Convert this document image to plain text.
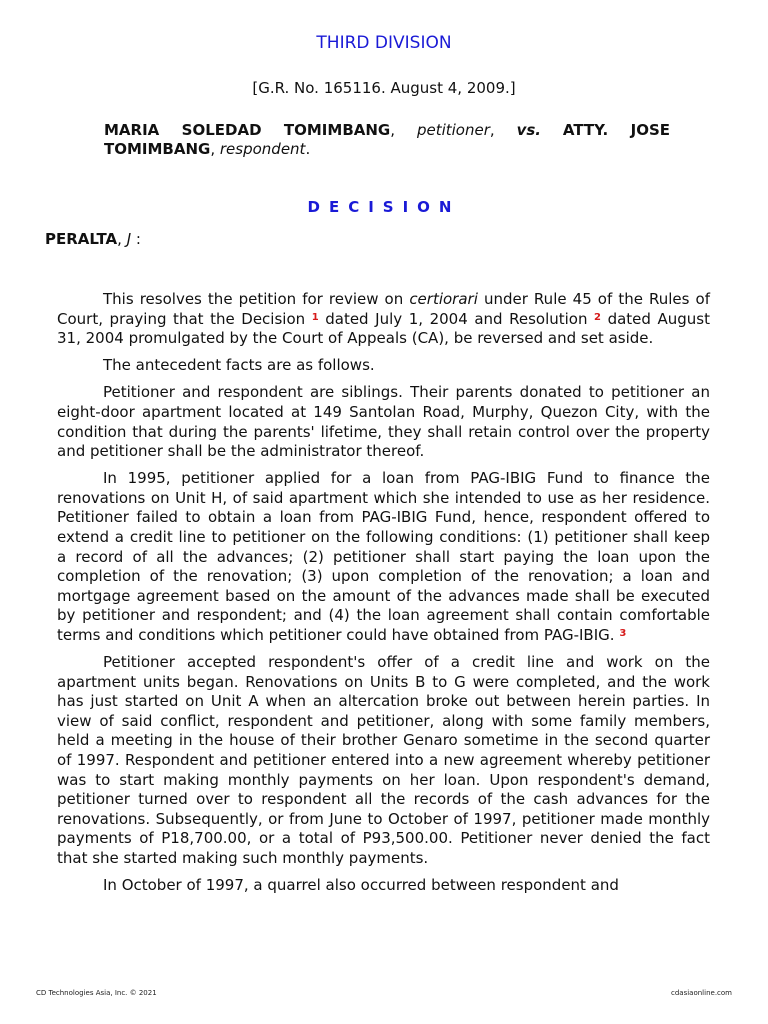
THIRD DIVISION
[G.R. No. 165116. August 4, 2009.]
MARIA SOLEDAD TOMIMBANG, petitioner, vs. ATTY. JOSE TOMIMBANG, respondent.
DECISION
PERALTA, J :

This resolves the petition for review on certiorari under Rule 45 of the Rules of Court, praying that the Decision $^1$ dated July 1, 2004 and Resolution $^2$ dated August 31, 2004 promulgated by the Court of Appeals (CA), be reversed and set aside.

The antecedent facts are as follows.

Petitioner and respondent are siblings. Their parents donated to petitioner an eight-door apartment located at 149 Santolan Road, Murphy, Quezon City, with the condition that during the parents' lifetime, they shall retain control over the property and petitioner shall be the administrator thereof.

In 1995, petitioner applied for a loan from PAG-IBIG Fund to finance the renovations on Unit H, of said apartment which she intended to use as her residence. Petitioner failed to obtain a loan from PAG-IBIG Fund, hence, respondent offered to extend a credit line to petitioner on the following conditions: (1) petitioner shall keep a record of all the advances; (2) petitioner shall start paying the loan upon the completion of the renovation; (3) upon completion of the renovation; a loan and mortgage agreement based on the amount of the advances made shall be executed by petitioner and respondent; and (4) the loan agreement shall contain comfortable terms and conditions which petitioner could have obtained from PAG-IBIG. $^3$

Petitioner accepted respondent's offer of a credit line and work on the apartment units began. Renovations on Units B to G were completed, and the work has just started on Unit A when an altercation broke out between herein parties. In view of said conflict, respondent and petitioner, along with some family members, held a meeting in the house of their brother Genaro sometime in the second quarter of 1997. Respondent and petitioner entered into a new agreement whereby petitioner was to start making monthly payments on her loan. Upon respondent's demand, petitioner turned over to respondent all the records of the cash advances for the renovations. Subsequently, or from June to October of 1997, petitioner made monthly payments of P18,700.00, or a total of P93,500.00. Petitioner never denied the fact that she started making such monthly payments.

In October of 1997, a quarrel also occurred between respondent and

CD Technologies Asia, Inc. © 2021	cdasiaonline.com
